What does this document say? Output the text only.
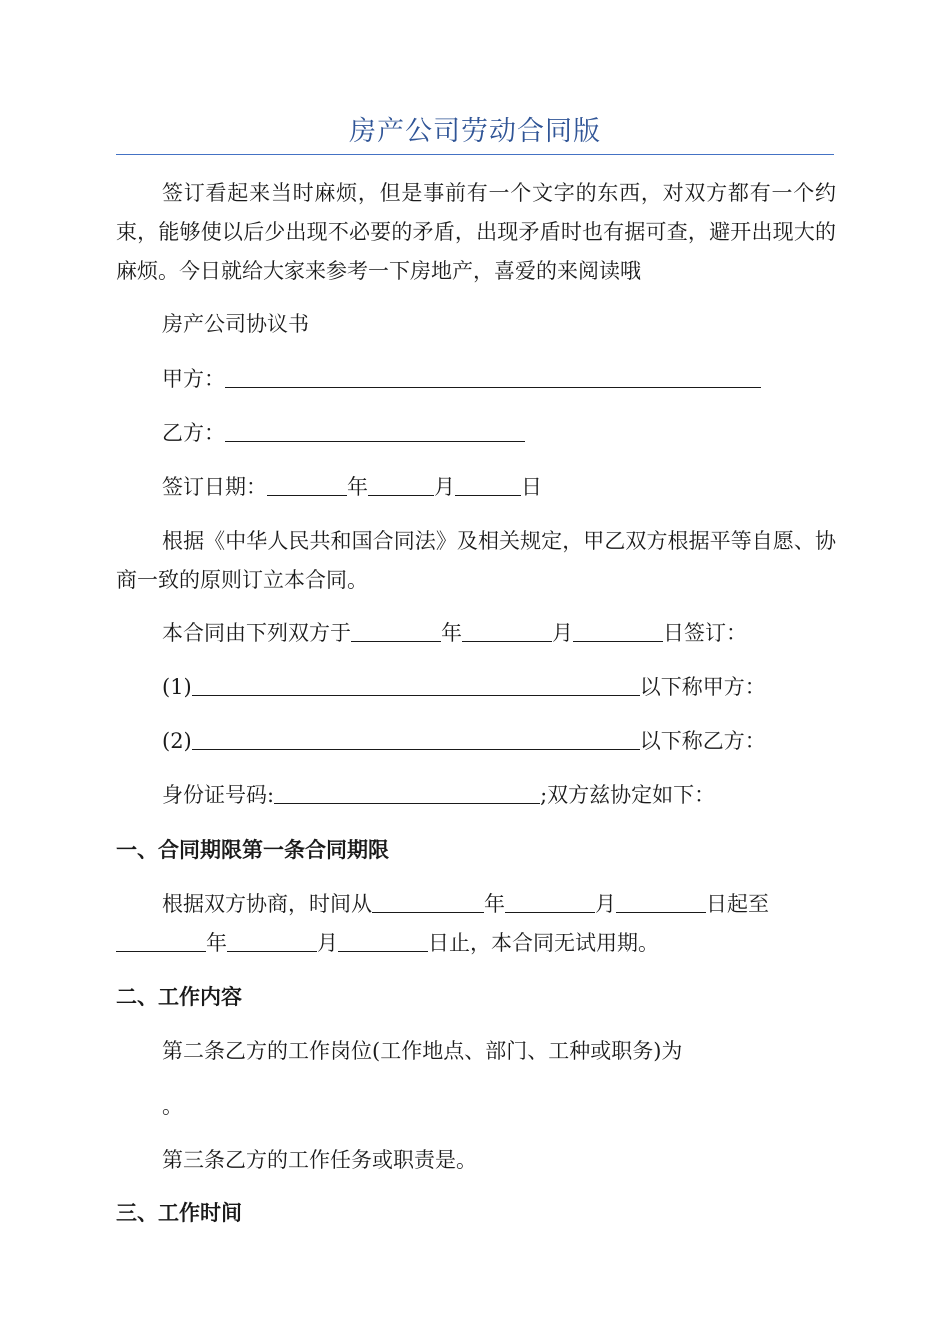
房产公司劳动合同版
签订看起来当时麻烦，但是事前有一个文字的东西，对双方都有一个约束，能够使以后少出现不必要的矛盾，出现矛盾时也有据可查，避开出现大的麻烦。今日就给大家来参考一下房地产，喜爱的来阅读哦
房产公司协议书
甲方：
乙方：
签订日期：	年	月	日
根据《中华人民共和国合同法》及相关规定，甲乙双方根据平等自愿、协商一致的原则订立本合同。
本合同由下列双方于	年	月	日签订：
(1)	以下称甲方：
(2)	以下称乙方：
身份证号码:	;双方兹协定如下：
一、合同期限第一条合同期限
根据双方协商，时间从	年	月	日起至
年	月	日止，本合同无试用期。
二、工作内容
第二条乙方的工作岗位(工作地点、部门、工种或职务)为
。
第三条乙方的工作任务或职责是。
三、工作时间
